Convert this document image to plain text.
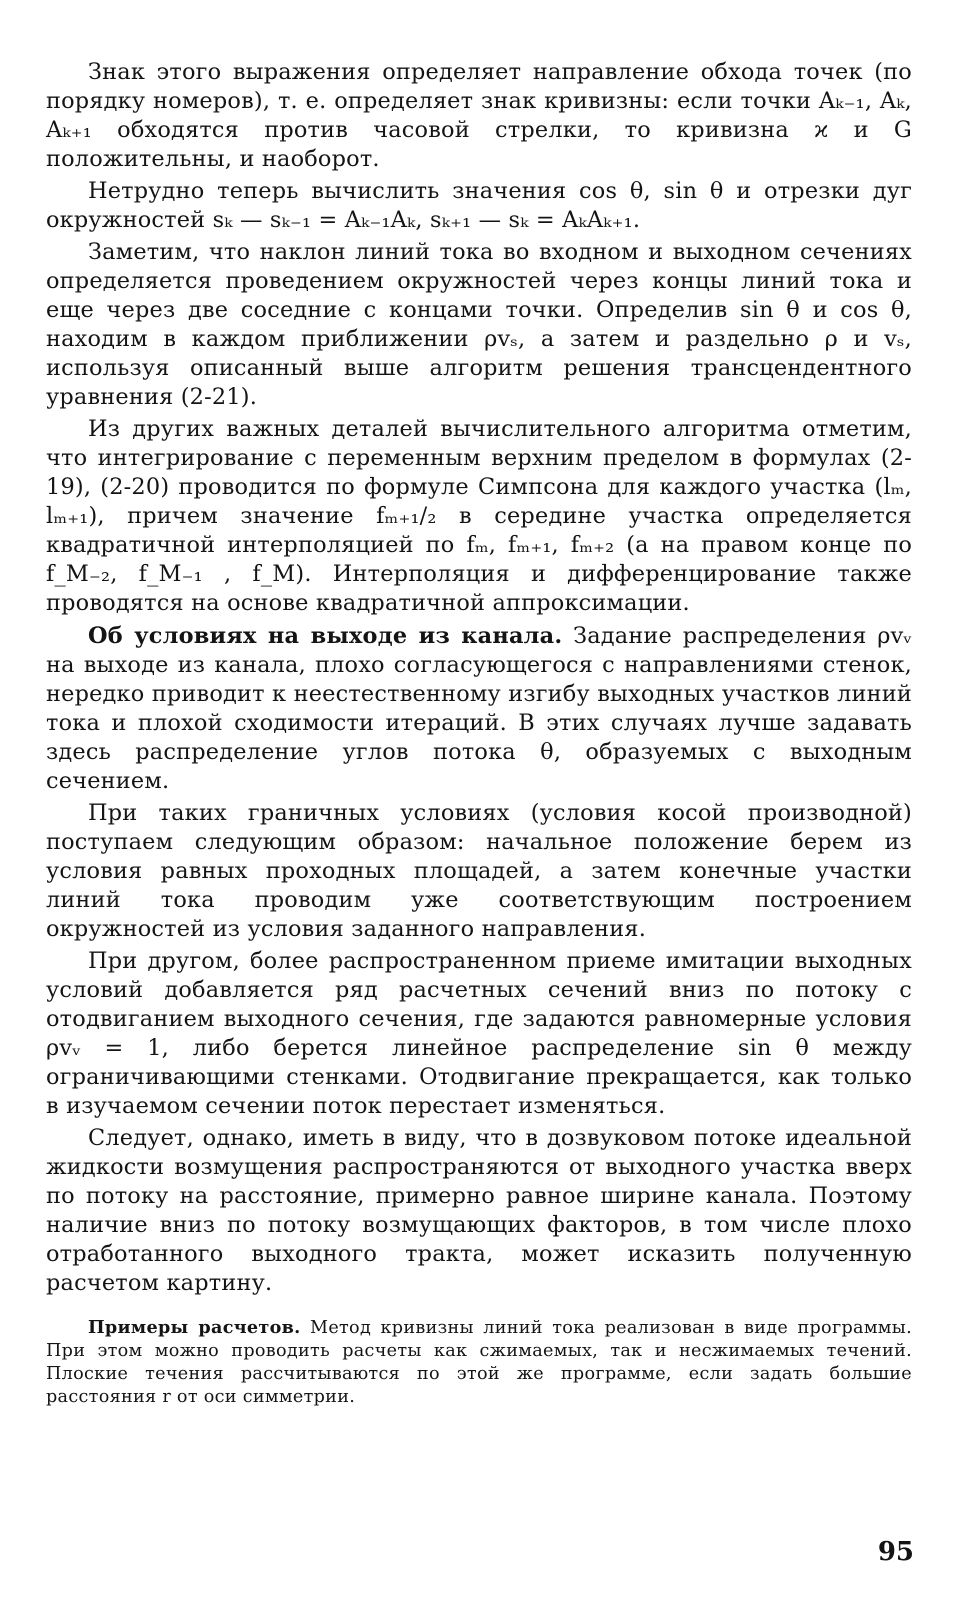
Знак этого выражения определяет направление обхода точек (по порядку номеров), т. е. определяет знак кривизны: если точки Aₖ₋₁, Aₖ, Aₖ₊₁ обходятся против часовой стрелки, то кривизна ϰ и G положительны, и наоборот.

Нетрудно теперь вычислить значения cos θ, sin θ и отрезки дуг окружностей sₖ — sₖ₋₁ = Aₖ₋₁Aₖ, sₖ₊₁ — sₖ = AₖAₖ₊₁.

Заметим, что наклон линий тока во входном и выходном сечениях определяется проведением окружностей через концы линий тока и еще через две соседние с концами точки. Определив sin θ и cos θ, находим в каждом приближении ρvₛ, а затем и раздельно ρ и vₛ, используя описанный выше алгоритм решения трансцендентного уравнения (2-21).

Из других важных деталей вычислительного алгоритма отметим, что интегрирование с переменным верхним пределом в формулах (2-19), (2-20) проводится по формуле Симпсона для каждого участка (lₘ, lₘ₊₁), причем значение fₘ₊₁/₂ в середине участка определяется квадратичной интерполяцией по fₘ, fₘ₊₁, fₘ₊₂ (а на правом конце по f_M₋₂, f_M₋₁ , f_M). Интерполяция и дифференцирование также проводятся на основе квадратичной аппроксимации.

Об условиях на выходе из канала. Задание распределения ρvᵥ на выходе из канала, плохо согласующегося с направлениями стенок, нередко приводит к неестественному изгибу выходных участков линий тока и плохой сходимости итераций. В этих случаях лучше задавать здесь распределение углов потока θ, образуемых с выходным сечением.

При таких граничных условиях (условия косой производной) поступаем следующим образом: начальное положение берем из условия равных проходных площадей, а затем конечные участки линий тока проводим уже соответствующим построением окружностей из условия заданного направления.

При другом, более распространенном приеме имитации выходных условий добавляется ряд расчетных сечений вниз по потоку с отодвиганием выходного сечения, где задаются равномерные условия ρvᵥ = 1, либо берется линейное распределение sin θ между ограничивающими стенками. Отодвигание прекращается, как только в изучаемом сечении поток перестает изменяться.

Следует, однако, иметь в виду, что в дозвуковом потоке идеальной жидкости возмущения распространяются от выходного участка вверх по потоку на расстояние, примерно равное ширине канала. Поэтому наличие вниз по потоку возмущающих факторов, в том числе плохо отработанного выходного тракта, может исказить полученную расчетом картину.

Примеры расчетов. Метод кривизны линий тока реализован в виде программы. При этом можно проводить расчеты как сжимаемых, так и несжимаемых течений. Плоские течения рассчитываются по этой же программе, если задать большие расстояния r от оси симметрии.

95
